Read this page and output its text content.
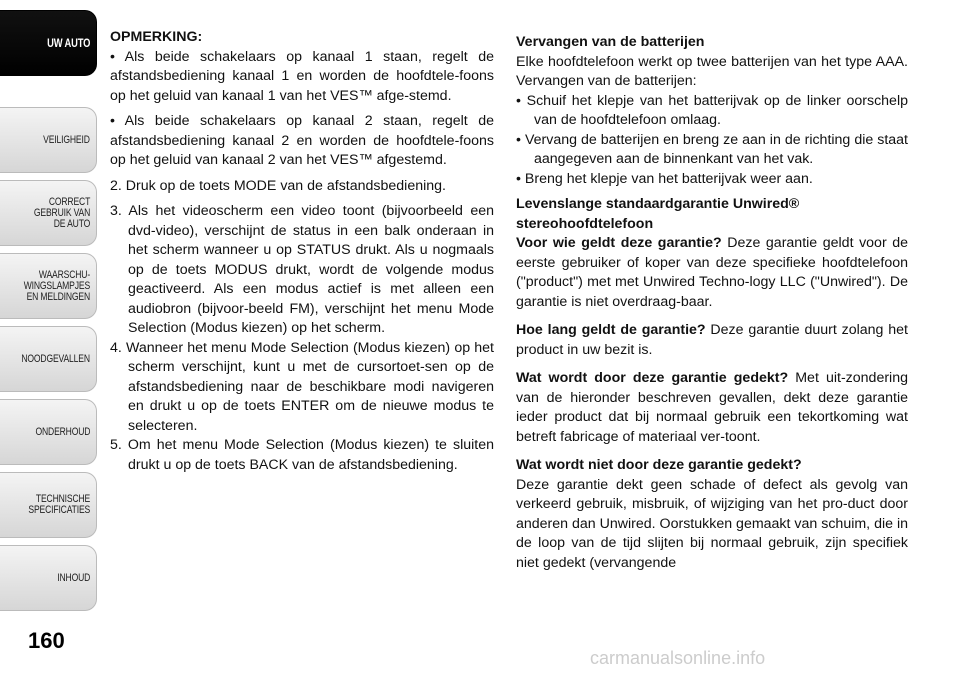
UW AUTO
VEILIGHEID
CORRECT
GEBRUIK VAN
DE AUTO
WAARSCHU-
WINGSLAMPJES
EN MELDINGEN
NOODGEVALLEN
ONDERHOUD
TECHNISCHE
SPECIFICATIES
INHOUD
160

OPMERKING:

• Als beide schakelaars op kanaal 1 staan, regelt de afstandsbediening kanaal 1 en worden de hoofdtele-foons op het geluid van kanaal 1 van het VES™ afge-stemd.

• Als beide schakelaars op kanaal 2 staan, regelt de afstandsbediening kanaal 2 en worden de hoofdtele-foons op het geluid van kanaal 2 van het VES™ afgestemd.

2. Druk op de toets MODE van de afstandsbediening.

3. Als het videoscherm een video toont (bijvoorbeeld een dvd-video), verschijnt de status in een balk onderaan in het scherm wanneer u op STATUS drukt. Als u nogmaals op de toets MODUS drukt, wordt de volgende modus geactiveerd. Als een modus actief is met alleen een audiobron (bijvoor-beeld FM), verschijnt het menu Mode Selection (Modus kiezen) op het scherm.

4. Wanneer het menu Mode Selection (Modus kiezen) op het scherm verschijnt, kunt u met de cursortoet-sen op de afstandsbediening naar de beschikbare modi navigeren en drukt u op de toets ENTER om de nieuwe modus te selecteren.

5. Om het menu Mode Selection (Modus kiezen) te sluiten drukt u op de toets BACK van de afstandsbediening.

Vervangen van de batterijen

Elke hoofdtelefoon werkt op twee batterijen van het type AAA. Vervangen van de batterijen:

• Schuif het klepje van het batterijvak op de linker oorschelp van de hoofdtelefoon omlaag.

• Vervang de batterijen en breng ze aan in de richting die staat aangegeven aan de binnenkant van het vak.

• Breng het klepje van het batterijvak weer aan.

Levenslange standaardgarantie Unwired®

stereohoofdtelefoon

Voor wie geldt deze garantie? Deze garantie geldt voor de eerste gebruiker of koper van deze specifieke hoofdtelefoon ("product") met met Unwired Techno-logy LLC ("Unwired"). De garantie is niet overdraag-baar.

Hoe lang geldt de garantie? Deze garantie duurt zolang het product in uw bezit is.

Wat wordt door deze garantie gedekt? Met uit-zondering van de hieronder beschreven gevallen, dekt deze garantie ieder product dat bij normaal gebruik een tekortkoming wat betreft fabricage of materiaal ver-toont.

Wat wordt niet door deze garantie gedekt?

Deze garantie dekt geen schade of defect als gevolg van verkeerd gebruik, misbruik, of wijziging van het pro-duct door anderen dan Unwired. Oorstukken gemaakt van schuim, die in de loop van de tijd slijten bij normaal gebruik, zijn specifiek niet gedekt (vervangende

carmanualsonline.info
